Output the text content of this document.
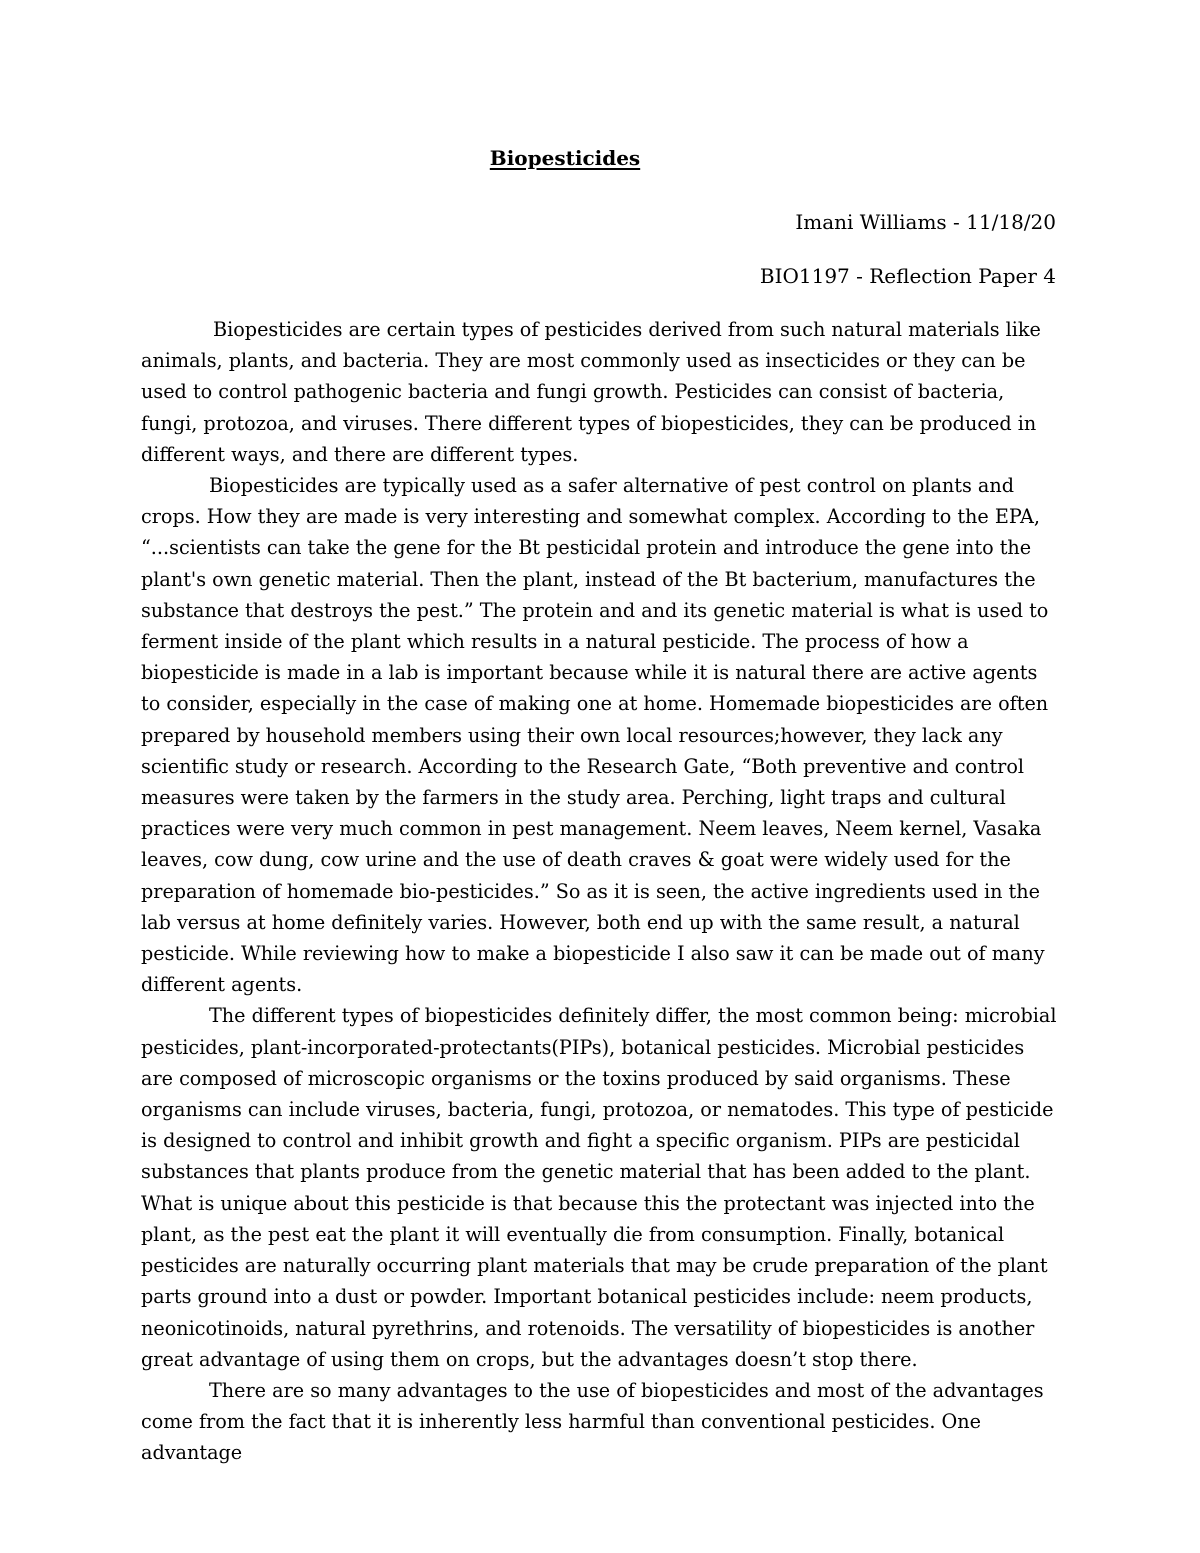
Biopesticides
Imani Williams - 11/18/20
BIO1197 - Reflection Paper 4

Biopesticides are certain types of pesticides derived from such natural materials like animals, plants, and bacteria. They are most commonly used as insecticides or they can be used to control pathogenic bacteria and fungi growth. Pesticides can consist of bacteria, fungi, protozoa, and viruses. There different types of biopesticides, they can be produced in different ways, and there are different types.

Biopesticides are typically used as a safer alternative of pest control on plants and crops. How they are made is very interesting and somewhat complex. According to the EPA, “...scientists can take the gene for the Bt pesticidal protein and introduce the gene into the plant's own genetic material. Then the plant, instead of the Bt bacterium, manufactures the substance that destroys the pest.” The protein and and its genetic material is what is used to ferment inside of the plant which results in a natural pesticide. The process of how a biopesticide is made in a lab is important because while it is natural there are active agents to consider, especially in the case of making one at home. Homemade biopesticides are often prepared by household members using their own local resources;however, they lack any scientific study or research. According to the Research Gate, “Both preventive and control measures were taken by the farmers in the study area. Perching, light traps and cultural practices were very much common in pest management. Neem leaves, Neem kernel, Vasaka leaves, cow dung, cow urine and the use of death craves & goat were widely used for the preparation of homemade bio-pesticides.” So as it is seen, the active ingredients used in the lab versus at home definitely varies. However, both end up with the same result, a natural pesticide. While reviewing how to make a biopesticide I also saw it can be made out of many different agents.

The different types of biopesticides definitely differ, the most common being: microbial pesticides, plant-incorporated-protectants(PIPs), botanical pesticides. Microbial pesticides are composed of microscopic organisms or the toxins produced by said organisms. These organisms can include viruses, bacteria, fungi, protozoa, or nematodes. This type of pesticide is designed to control and inhibit growth and fight a specific organism. PIPs are pesticidal substances that plants produce from the genetic material that has been added to the plant. What is unique about this pesticide is that because this the protectant was injected into the plant, as the pest eat the plant it will eventually die from consumption. Finally, botanical pesticides are naturally occurring plant materials that may be crude preparation of the plant parts ground into a dust or powder. Important botanical pesticides include: neem products, neonicotinoids, natural pyrethrins, and rotenoids. The versatility of biopesticides is another great advantage of using them on crops, but the advantages doesn’t stop there.

There are so many advantages to the use of biopesticides and most of the advantages come from the fact that it is inherently less harmful than conventional pesticides. One advantage
